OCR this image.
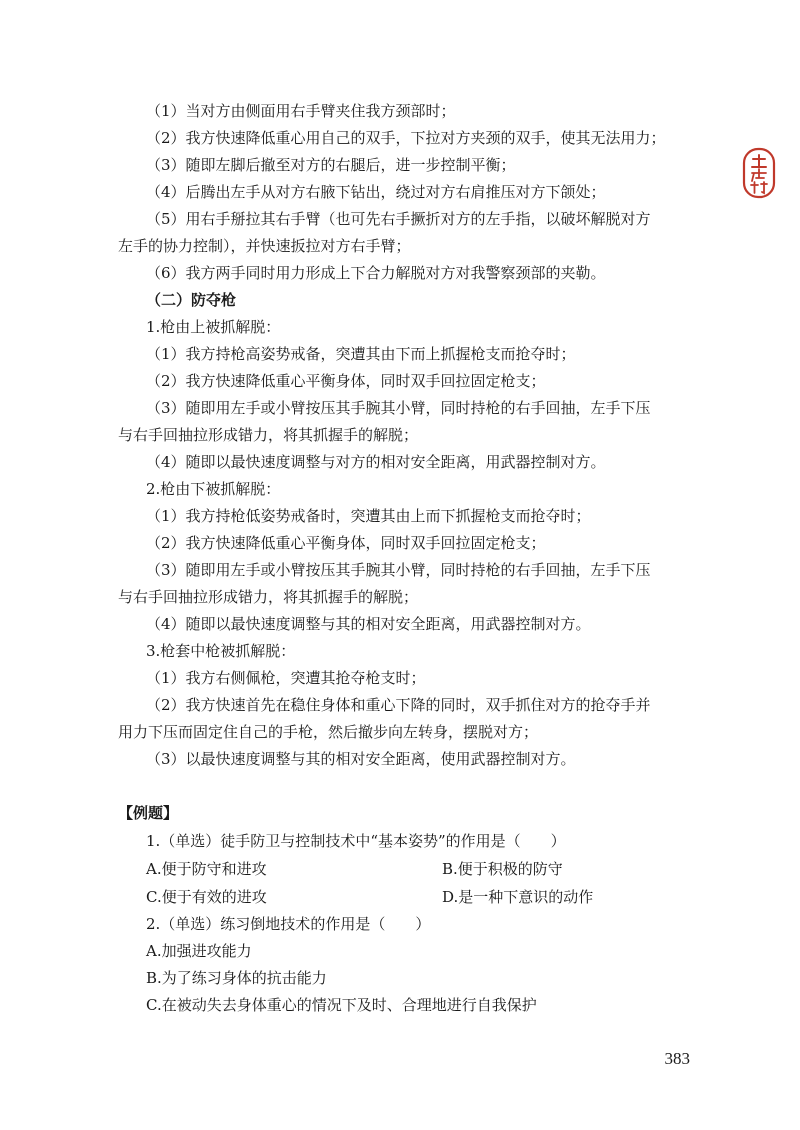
（1）当对方由侧面用右手臂夹住我方颈部时；
（2）我方快速降低重心用自己的双手，下拉对方夹颈的双手，使其无法用力；
（3）随即左脚后撤至对方的右腿后，进一步控制平衡；
（4）后腾出左手从对方右腋下钻出，绕过对方右肩推压对方下颌处；
（5）用右手掰拉其右手臂（也可先右手撅折对方的左手指，以破坏解脱对方
左手的协力控制），并快速扳拉对方右手臂；
（6）我方两手同时用力形成上下合力解脱对方对我警察颈部的夹勒。
（二）防夺枪
1.枪由上被抓解脱：
（1）我方持枪高姿势戒备，突遭其由下而上抓握枪支而抢夺时；
（2）我方快速降低重心平衡身体，同时双手回拉固定枪支；
（3）随即用左手或小臂按压其手腕其小臂，同时持枪的右手回抽，左手下压
与右手回抽拉形成错力，将其抓握手的解脱；
（4）随即以最快速度调整与对方的相对安全距离，用武器控制对方。
2.枪由下被抓解脱：
（1）我方持枪低姿势戒备时，突遭其由上而下抓握枪支而抢夺时；
（2）我方快速降低重心平衡身体，同时双手回拉固定枪支；
（3）随即用左手或小臂按压其手腕其小臂，同时持枪的右手回抽，左手下压
与右手回抽拉形成错力，将其抓握手的解脱；
（4）随即以最快速度调整与其的相对安全距离，用武器控制对方。
3.枪套中枪被抓解脱：
（1）我方右侧佩枪，突遭其抢夺枪支时；
（2）我方快速首先在稳住身体和重心下降的同时，双手抓住对方的抢夺手并
用力下压而固定住自己的手枪，然后撤步向左转身，摆脱对方；
（3）以最快速度调整与其的相对安全距离，使用武器控制对方。
【例题】
1.（单选）徒手防卫与控制技术中“基本姿势”的作用是（　　）
A.便于防守和进攻	B.便于积极的防守
C.便于有效的进攻	D.是一种下意识的动作
2.（单选）练习倒地技术的作用是（　　）
A.加强进攻能力
B.为了练习身体的抗击能力
C.在被动失去身体重心的情况下及时、合理地进行自我保护
383
